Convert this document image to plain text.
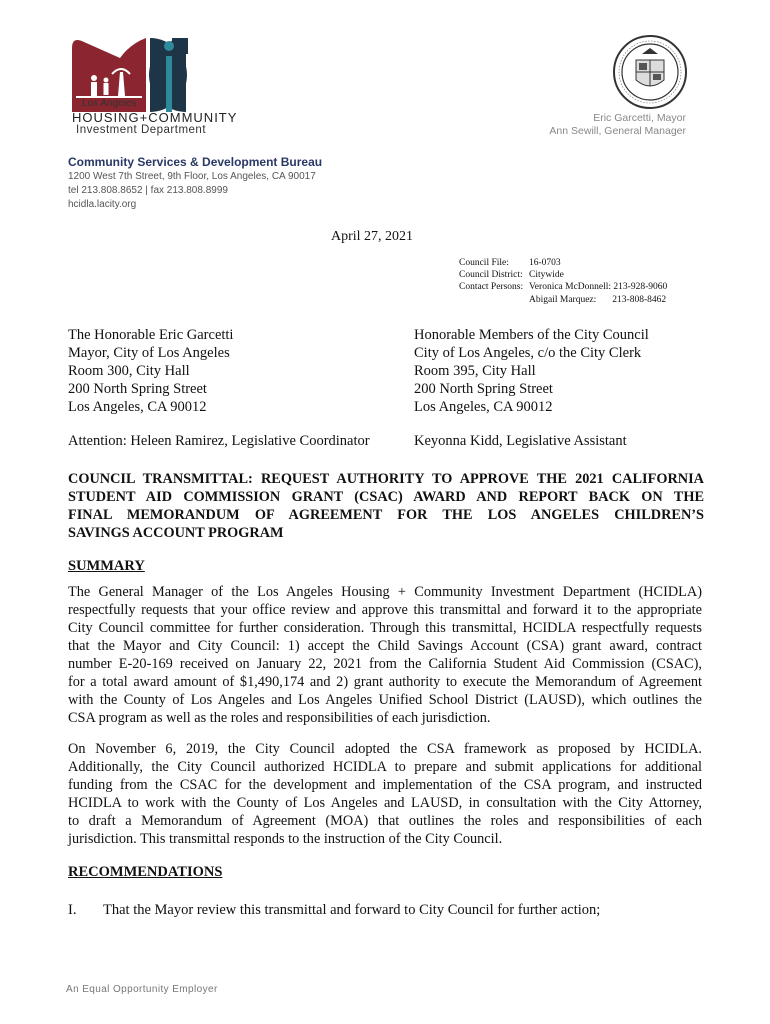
Los Angeles
HOUSING+COMMUNITY
Investment Department
Community Services & Development Bureau
1200 West 7th Street, 9th Floor, Los Angeles, CA 90017
tel 213.808.8652 | fax 213.808.8999
hcidla.lacity.org
Eric Garcetti, Mayor
Ann Sewill, General Manager
April 27, 2021
Council File: 16-0703
Council District: Citywide
Contact Persons: Veronica McDonnell: 213-928-9060
Abigail Marquez: 213-808-8462
The Honorable Eric Garcetti
Mayor, City of Los Angeles
Room 300, City Hall
200 North Spring Street
Los Angeles, CA 90012
Honorable Members of the City Council
City of Los Angeles, c/o the City Clerk
Room 395, City Hall
200 North Spring Street
Los Angeles, CA 90012
Attention: Heleen Ramirez, Legislative Coordinator	Keyonna Kidd, Legislative Assistant
COUNCIL TRANSMITTAL: REQUEST AUTHORITY TO APPROVE THE 2021 CALIFORNIA
STUDENT AID COMMISSION GRANT (CSAC) AWARD AND REPORT BACK ON THE
FINAL MEMORANDUM OF AGREEMENT FOR THE LOS ANGELES CHILDREN’S
SAVINGS ACCOUNT PROGRAM
SUMMARY
The General Manager of the Los Angeles Housing + Community Investment Department (HCIDLA)
respectfully requests that your office review and approve this transmittal and forward it to the appropriate
City Council committee for further consideration. Through this transmittal, HCIDLA respectfully requests
that the Mayor and City Council: 1) accept the Child Savings Account (CSA) grant award, contract
number E-20-169 received on January 22, 2021 from the California Student Aid Commission (CSAC),
for a total award amount of $1,490,174 and 2) grant authority to execute the Memorandum of Agreement
with the County of Los Angeles and Los Angeles Unified School District (LAUSD), which outlines the
CSA program as well as the roles and responsibilities of each jurisdiction.
On November 6, 2019, the City Council adopted the CSA framework as proposed by HCIDLA.
Additionally, the City Council authorized HCIDLA to prepare and submit applications for additional
funding from the CSAC for the development and implementation of the CSA program, and instructed
HCIDLA to work with the County of Los Angeles and LAUSD, in consultation with the City Attorney,
to draft a Memorandum of Agreement (MOA) that outlines the roles and responsibilities of each
jurisdiction. This transmittal responds to the instruction of the City Council.
RECOMMENDATIONS
I. That the Mayor review this transmittal and forward to City Council for further action;
An Equal Opportunity Employer
